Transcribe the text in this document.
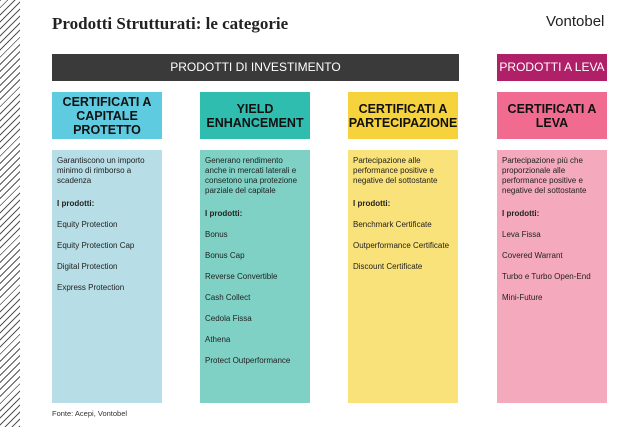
Prodotti Strutturati: le categorie	Vontobel
PRODOTTI DI INVESTIMENTO	PRODOTTI A LEVA
CERTIFICATI A CAPITALE PROTETTO
Garantiscono un importo minimo di rimborso a scadenza
I prodotti:
Equity Protection
Equity Protection Cap
Digital Protection
Express Protection
YIELD ENHANCEMENT
Generano rendimento anche in mercati laterali e consetono una protezione parziale del capitale
I prodotti:
Bonus
Bonus Cap
Reverse Convertible
Cash Collect
Cedola Fissa
Athena
Protect Outperformance
CERTIFICATI A PARTECIPAZIONE
Partecipazione alle performance positive e negative del sottostante
I prodotti:
Benchmark Certificate
Outperformance Certificate
Discount Certificate
CERTIFICATI A LEVA
Partecipazione più che proporzionale alle performance positive e negative del sottostante
I prodotti:
Leva Fissa
Covered Warrant
Turbo e Turbo Open-End
Mini-Future
Fonte: Acepi, Vontobel
